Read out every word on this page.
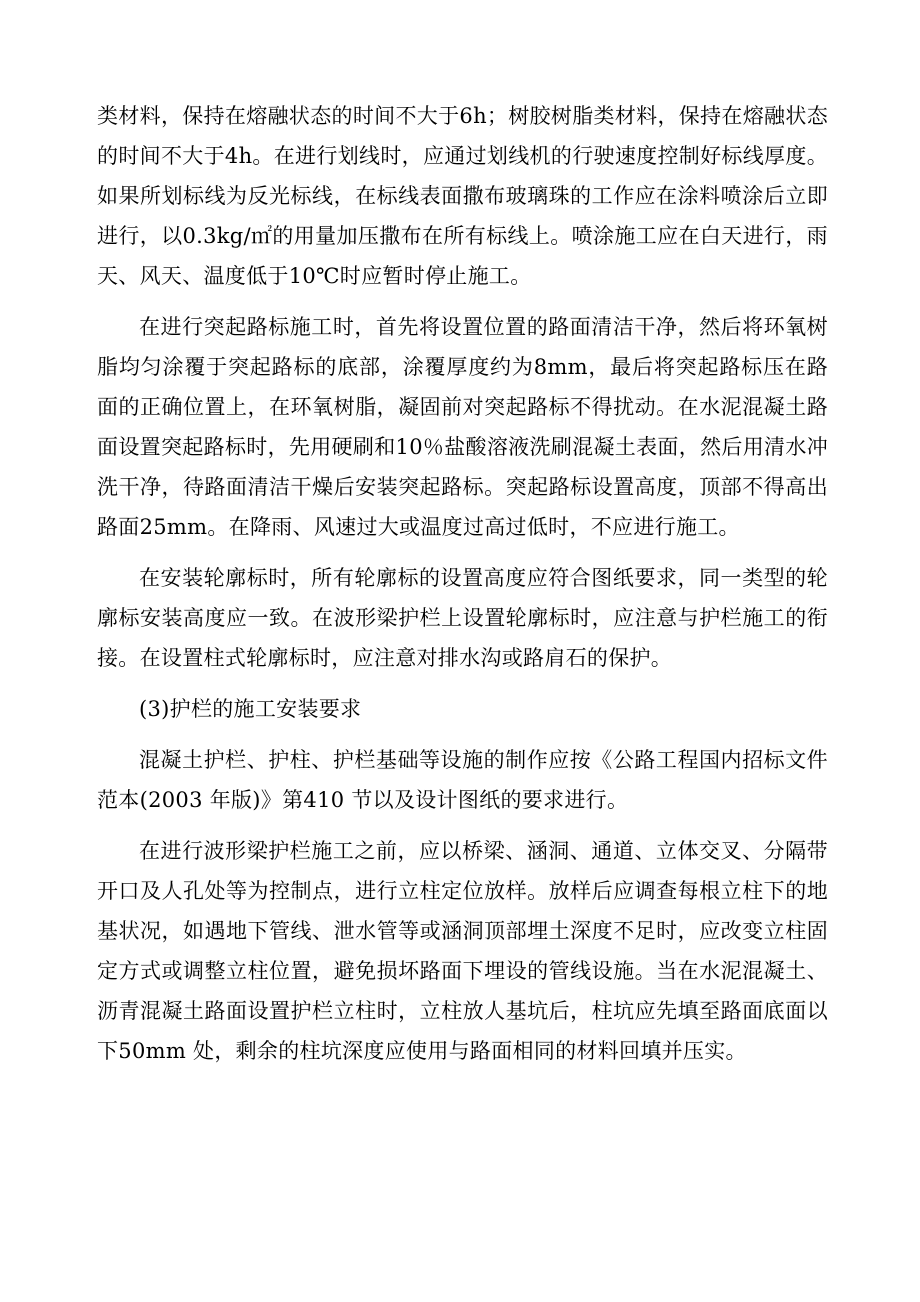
类材料，保持在熔融状态的时间不大于6h；树胶树脂类材料，保持在熔融状态的时间不大于4h。在进行划线时，应通过划线机的行驶速度控制好标线厚度。如果所划标线为反光标线，在标线表面撒布玻璃珠的工作应在涂料喷涂后立即进行，以0.3kg/㎡的用量加压撒布在所有标线上。喷涂施工应在白天进行，雨天、风天、温度低于10℃时应暂时停止施工。

在进行突起路标施工时，首先将设置位置的路面清洁干净，然后将环氧树脂均匀涂覆于突起路标的底部，涂覆厚度约为8mm，最后将突起路标压在路面的正确位置上，在环氧树脂，凝固前对突起路标不得扰动。在水泥混凝土路面设置突起路标时，先用硬刷和10％盐酸溶液洗刷混凝土表面，然后用清水冲洗干净，待路面清洁干燥后安装突起路标。突起路标设置高度，顶部不得高出路面25mm。在降雨、风速过大或温度过高过低时，不应进行施工。

在安装轮廓标时，所有轮廓标的设置高度应符合图纸要求，同一类型的轮廓标安装高度应一致。在波形梁护栏上设置轮廓标时，应注意与护栏施工的衔接。在设置柱式轮廓标时，应注意对排水沟或路肩石的保护。

(3)护栏的施工安装要求

混凝土护栏、护柱、护栏基础等设施的制作应按《公路工程国内招标文件范本(2003 年版)》第410 节以及设计图纸的要求进行。

在进行波形梁护栏施工之前，应以桥梁、涵洞、通道、立体交叉、分隔带开口及人孔处等为控制点，进行立柱定位放样。放样后应调查每根立柱下的地基状况，如遇地下管线、泄水管等或涵洞顶部埋土深度不足时，应改变立柱固定方式或调整立柱位置，避免损坏路面下埋设的管线设施。当在水泥混凝土、沥青混凝土路面设置护栏立柱时，立柱放人基坑后，柱坑应先填至路面底面以下50mm 处，剩余的柱坑深度应使用与路面相同的材料回填并压实。
